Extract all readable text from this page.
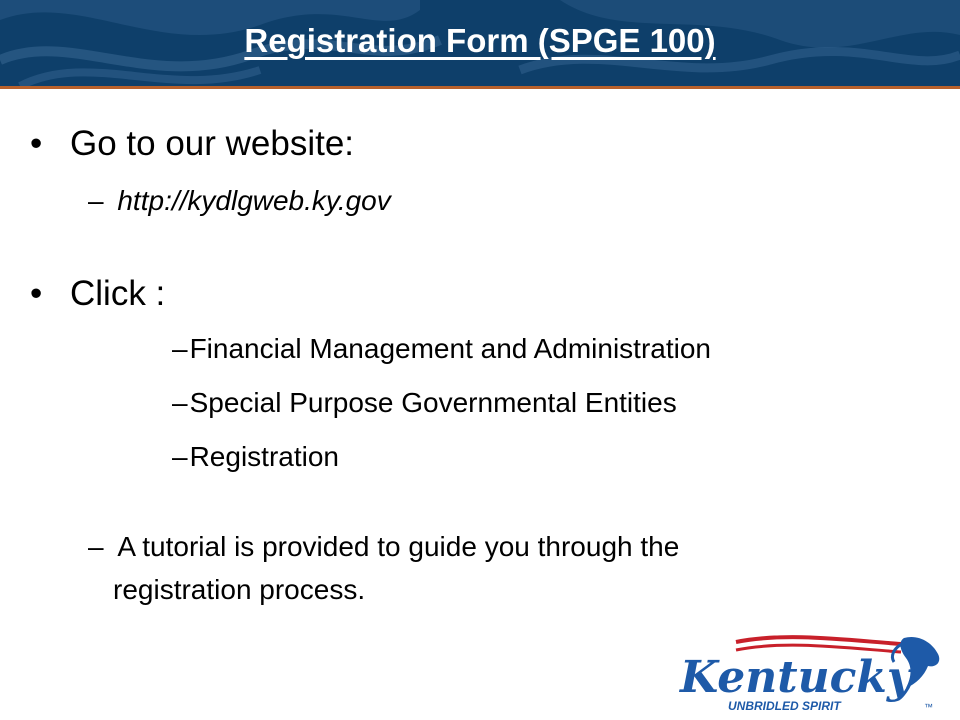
Registration Form (SPGE 100)
• Go to our website:
– http://kydlgweb.ky.gov
• Click :
–Financial Management and Administration
–Special Purpose Governmental Entities
–Registration
– A tutorial is provided to guide you through the
registration process.
Kentucky
UNBRIDLED SPIRIT	™
